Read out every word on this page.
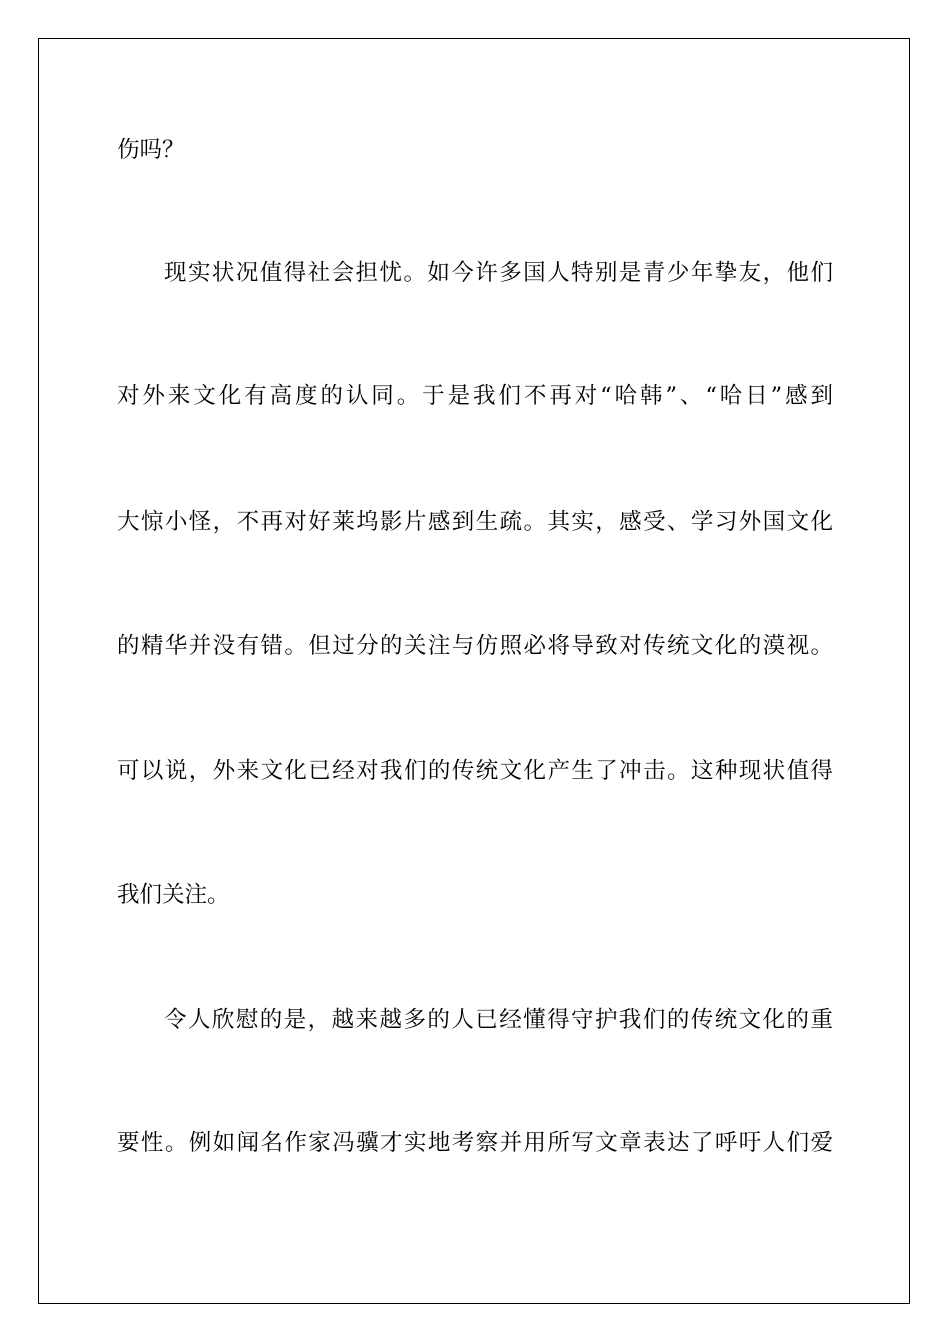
伤吗？
现实状况值得社会担忧。如今许多国人特别是青少年挚友，他们
对外来文化有高度的认同。于是我们不再对“哈韩”、“哈日”感到
大惊小怪，不再对好莱坞影片感到生疏。其实，感受、学习外国文化
的精华并没有错。但过分的关注与仿照必将导致对传统文化的漠视。
可以说，外来文化已经对我们的传统文化产生了冲击。这种现状值得
我们关注。
令人欣慰的是，越来越多的人已经懂得守护我们的传统文化的重
要性。例如闻名作家冯骥才实地考察并用所写文章表达了呼吁人们爱
